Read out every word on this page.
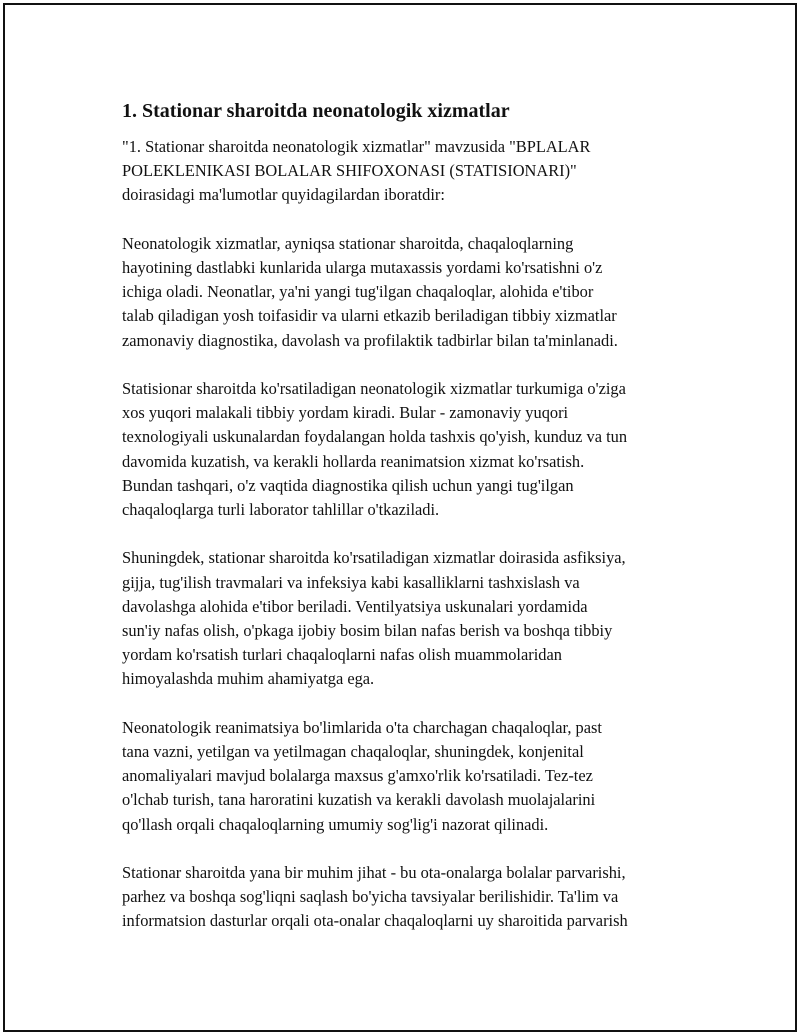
1. Stationar sharoitda neonatologik xizmatlar

"1. Stationar sharoitda neonatologik xizmatlar" mavzusida "BPLALAR
POLEKLENIKASI BOLALAR SHIFOXONASI (STATISIONARI)"
doirasidagi ma'lumotlar quyidagilardan iboratdir:

Neonatologik xizmatlar, ayniqsa stationar sharoitda, chaqaloqlarning
hayotining dastlabki kunlarida ularga mutaxassis yordami ko'rsatishni o'z
ichiga oladi. Neonatlar, ya'ni yangi tug'ilgan chaqaloqlar, alohida e'tibor
talab qiladigan yosh toifasidir va ularni etkazib beriladigan tibbiy xizmatlar
zamonaviy diagnostika, davolash va profilaktik tadbirlar bilan ta'minlanadi.

Statisionar sharoitda ko'rsatiladigan neonatologik xizmatlar turkumiga o'ziga
xos yuqori malakali tibbiy yordam kiradi. Bular - zamonaviy yuqori
texnologiyali uskunalardan foydalangan holda tashxis qo'yish, kunduz va tun
davomida kuzatish, va kerakli hollarda reanimatsion xizmat ko'rsatish.
Bundan tashqari, o'z vaqtida diagnostika qilish uchun yangi tug'ilgan
chaqaloqlarga turli laborator tahlillar o'tkaziladi.

Shuningdek, stationar sharoitda ko'rsatiladigan xizmatlar doirasida asfiksiya,
gijja, tug'ilish travmalari va infeksiya kabi kasalliklarni tashxislash va
davolashga alohida e'tibor beriladi. Ventilyatsiya uskunalari yordamida
sun'iy nafas olish, o'pkaga ijobiy bosim bilan nafas berish va boshqa tibbiy
yordam ko'rsatish turlari chaqaloqlarni nafas olish muammolaridan
himoyalashda muhim ahamiyatga ega.

Neonatologik reanimatsiya bo'limlarida o'ta charchagan chaqaloqlar, past
tana vazni, yetilgan va yetilmagan chaqaloqlar, shuningdek, konjenital
anomaliyalari mavjud bolalarga maxsus g'amxo'rlik ko'rsatiladi. Tez-tez
o'lchab turish, tana haroratini kuzatish va kerakli davolash muolajalarini
qo'llash orqali chaqaloqlarning umumiy sog'lig'i nazorat qilinadi.

Stationar sharoitda yana bir muhim jihat - bu ota-onalarga bolalar parvarishi,
parhez va boshqa sog'liqni saqlash bo'yicha tavsiyalar berilishidir. Ta'lim va
informatsion dasturlar orqali ota-onalar chaqaloqlarni uy sharoitida parvarish
